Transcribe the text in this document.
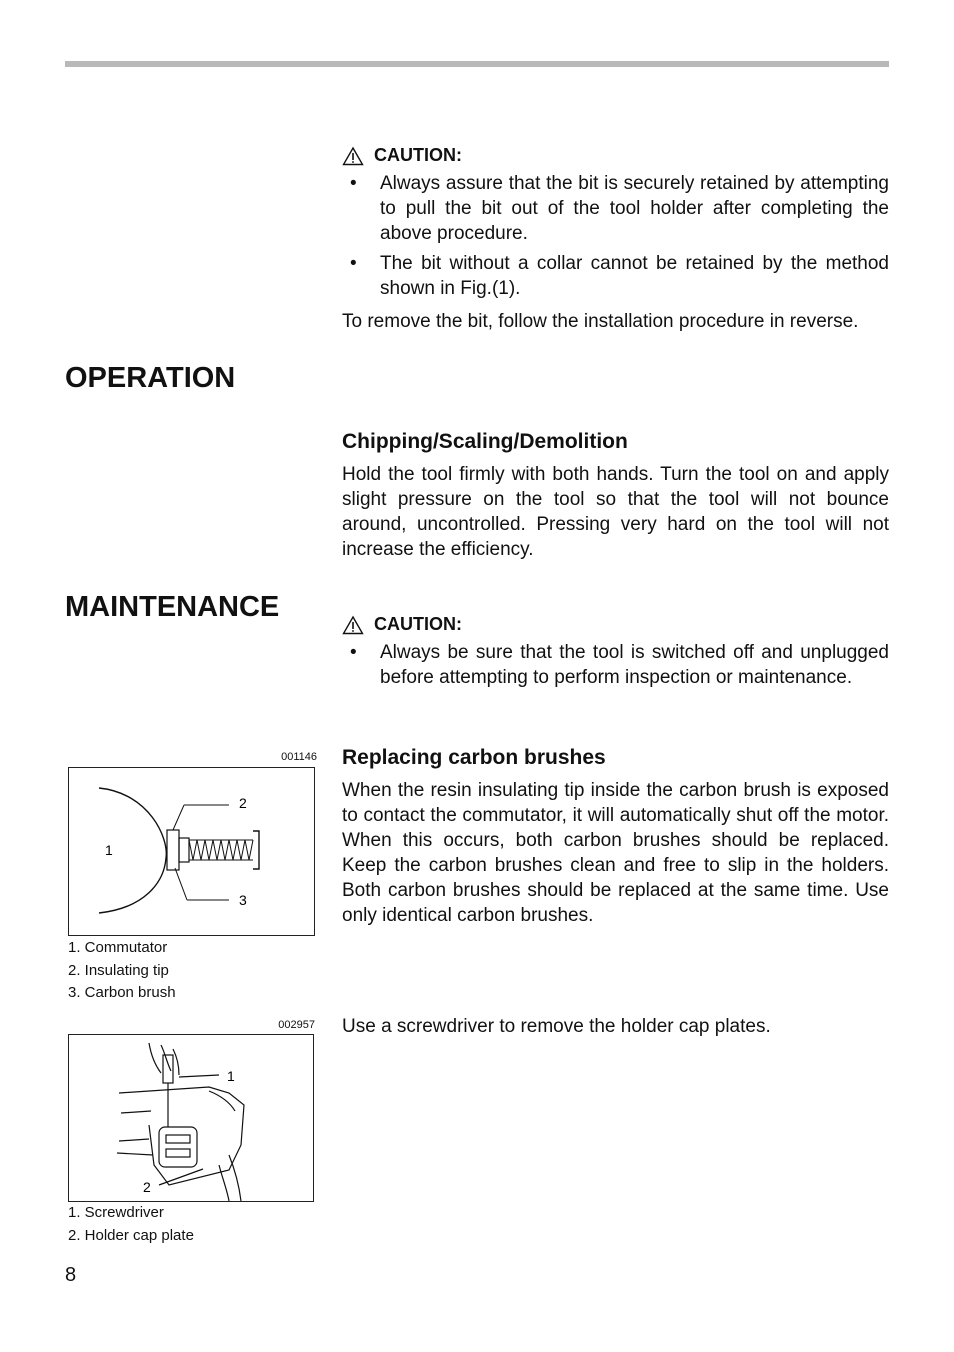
CAUTION:
• Always assure that the bit is securely retained by attempting to pull the bit out of the tool holder after completing the above procedure.
• The bit without a collar cannot be retained by the method shown in Fig.(1).
To remove the bit, follow the installation procedure in reverse.
OPERATION
Chipping/Scaling/Demolition
Hold the tool firmly with both hands. Turn the tool on and apply slight pressure on the tool so that the tool will not bounce around, uncontrolled. Pressing very hard on the tool will not increase the efficiency.
MAINTENANCE
CAUTION:
• Always be sure that the tool is switched off and unplugged before attempting to perform inspection or maintenance.
Replacing carbon brushes
When the resin insulating tip inside the carbon brush is exposed to contact the commutator, it will automatically shut off the motor. When this occurs, both carbon brushes should be replaced. Keep the carbon brushes clean and free to slip in the holders. Both carbon brushes should be replaced at the same time. Use only identical carbon brushes.
Use a screwdriver to remove the holder cap plates.
001146
2
3
1
1. Commutator
2. Insulating tip
3. Carbon brush
002957
1
2
1. Screwdriver
2. Holder cap plate
8
